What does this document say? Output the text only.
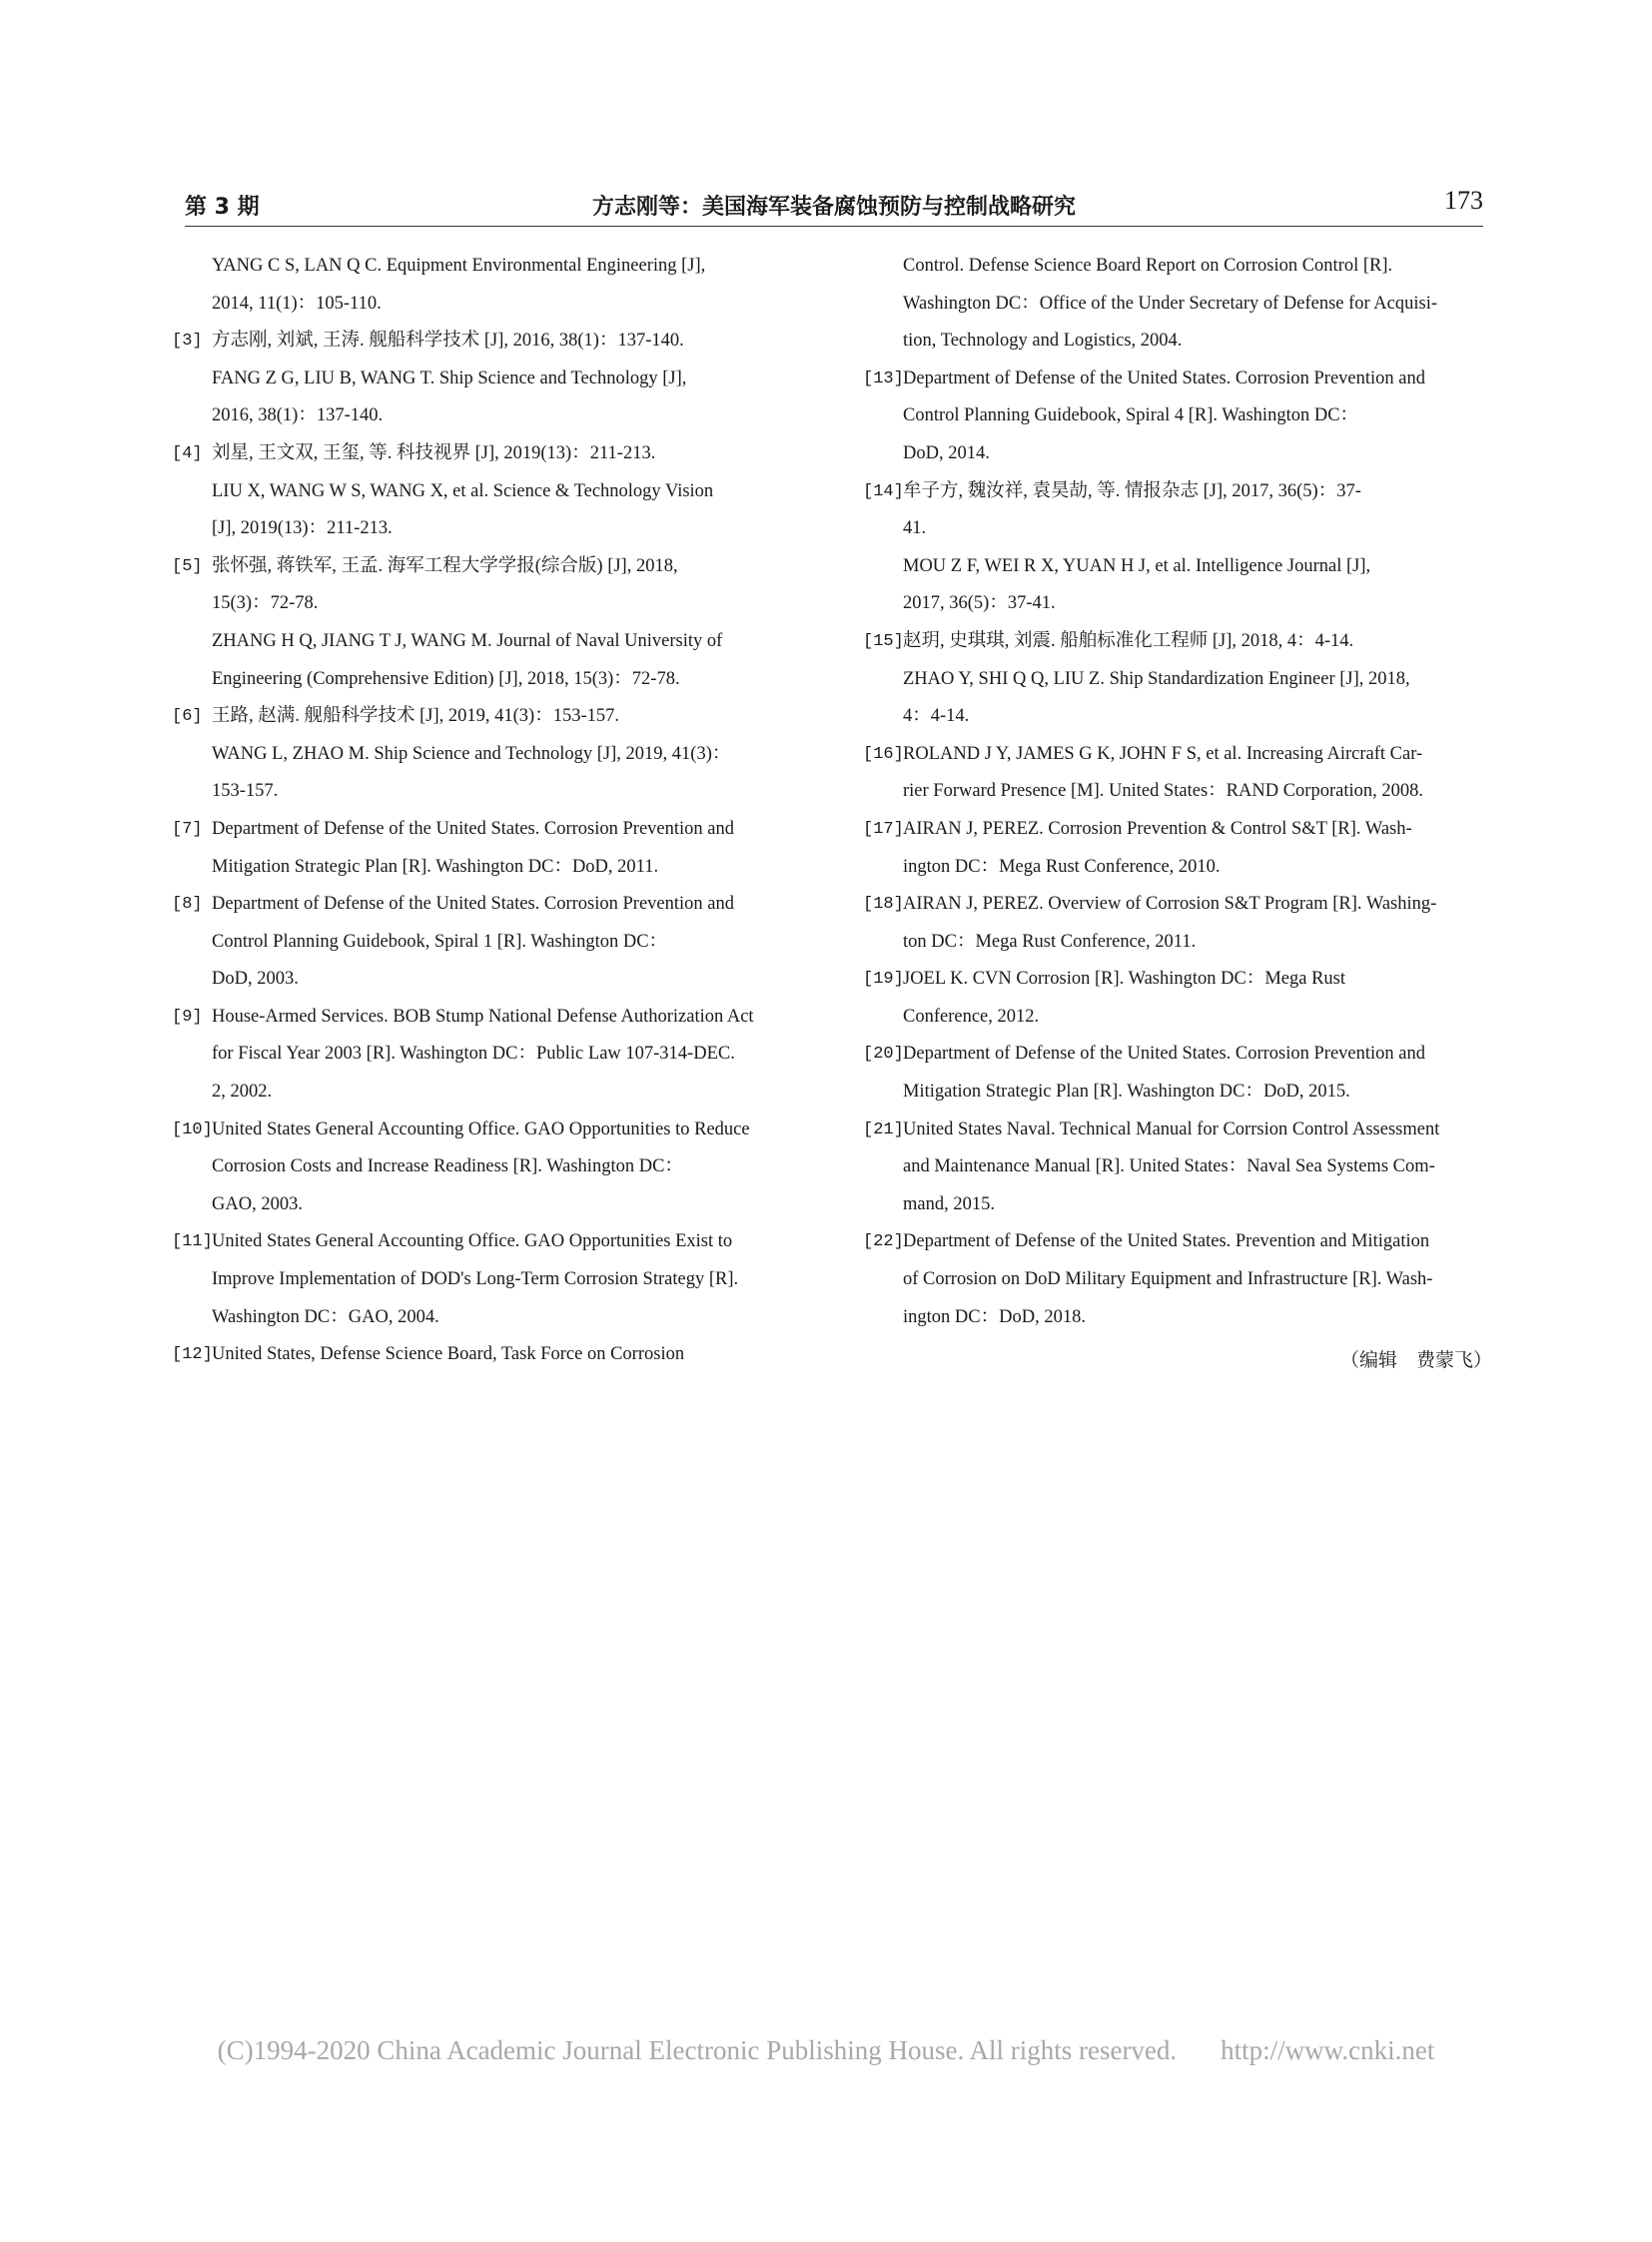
第 3 期	方志刚等：美国海军装备腐蚀预防与控制战略研究	173
YANG C S, LAN Q C. Equipment Environmental Engineering [J],
2014, 11(1)：105-110.
[3] 方志刚, 刘斌, 王涛. 舰船科学技术 [J], 2016, 38(1)：137-140.
FANG Z G, LIU B, WANG T. Ship Science and Technology [J],
2016, 38(1)：137-140.
[4] 刘星, 王文双, 王玺, 等. 科技视界 [J], 2019(13)：211-213.
LIU X, WANG W S, WANG X, et al. Science & Technology Vision
[J], 2019(13)：211-213.
[5] 张怀强, 蒋铁军, 王孟. 海军工程大学学报(综合版) [J], 2018,
15(3)：72-78.
ZHANG H Q, JIANG T J, WANG M. Journal of Naval University of
Engineering (Comprehensive Edition) [J], 2018, 15(3)：72-78.
[6] 王路, 赵满. 舰船科学技术 [J], 2019, 41(3)：153-157.
WANG L, ZHAO M. Ship Science and Technology [J], 2019, 41(3)：
153-157.
[7] Department of Defense of the United States. Corrosion Prevention and
Mitigation Strategic Plan [R]. Washington DC：DoD, 2011.
[8] Department of Defense of the United States. Corrosion Prevention and
Control Planning Guidebook, Spiral 1 [R]. Washington DC：
DoD, 2003.
[9] House-Armed Services. BOB Stump National Defense Authorization Act
for Fiscal Year 2003 [R]. Washington DC：Public Law 107-314-DEC.
2, 2002.
[10] United States General Accounting Office. GAO Opportunities to Reduce
Corrosion Costs and Increase Readiness [R]. Washington DC：
GAO, 2003.
[11] United States General Accounting Office. GAO Opportunities Exist to
Improve Implementation of DOD's Long-Term Corrosion Strategy [R].
Washington DC：GAO, 2004.
[12] United States, Defense Science Board, Task Force on Corrosion
Control. Defense Science Board Report on Corrosion Control [R].
Washington DC：Office of the Under Secretary of Defense for Acquisi-
tion, Technology and Logistics, 2004.
[13] Department of Defense of the United States. Corrosion Prevention and
Control Planning Guidebook, Spiral 4 [R]. Washington DC：
DoD, 2014.
[14] 牟子方, 魏汝祥, 袁昊劼, 等. 情报杂志 [J], 2017, 36(5)：37-
41.
MOU Z F, WEI R X, YUAN H J, et al. Intelligence Journal [J],
2017, 36(5)：37-41.
[15] 赵玥, 史琪琪, 刘震. 船舶标准化工程师 [J], 2018, 4：4-14.
ZHAO Y, SHI Q Q, LIU Z. Ship Standardization Engineer [J], 2018,
4：4-14.
[16] ROLAND J Y, JAMES G K, JOHN F S, et al. Increasing Aircraft Car-
rier Forward Presence [M]. United States：RAND Corporation, 2008.
[17] AIRAN J, PEREZ. Corrosion Prevention & Control S&T [R]. Wash-
ington DC：Mega Rust Conference, 2010.
[18] AIRAN J, PEREZ. Overview of Corrosion S&T Program [R]. Washing-
ton DC：Mega Rust Conference, 2011.
[19] JOEL K. CVN Corrosion [R]. Washington DC：Mega Rust
Conference, 2012.
[20] Department of Defense of the United States. Corrosion Prevention and
Mitigation Strategic Plan [R]. Washington DC：DoD, 2015.
[21] United States Naval. Technical Manual for Corrsion Control Assessment
and Maintenance Manual [R]. United States：Naval Sea Systems Com-
mand, 2015.
[22] Department of Defense of the United States. Prevention and Mitigation
of Corrosion on DoD Military Equipment and Infrastructure [R]. Wash-
ington DC：DoD, 2018.
（编辑　费蒙飞）
(C)1994-2020 China Academic Journal Electronic Publishing House. All rights reserved. http://www.cnki.net
